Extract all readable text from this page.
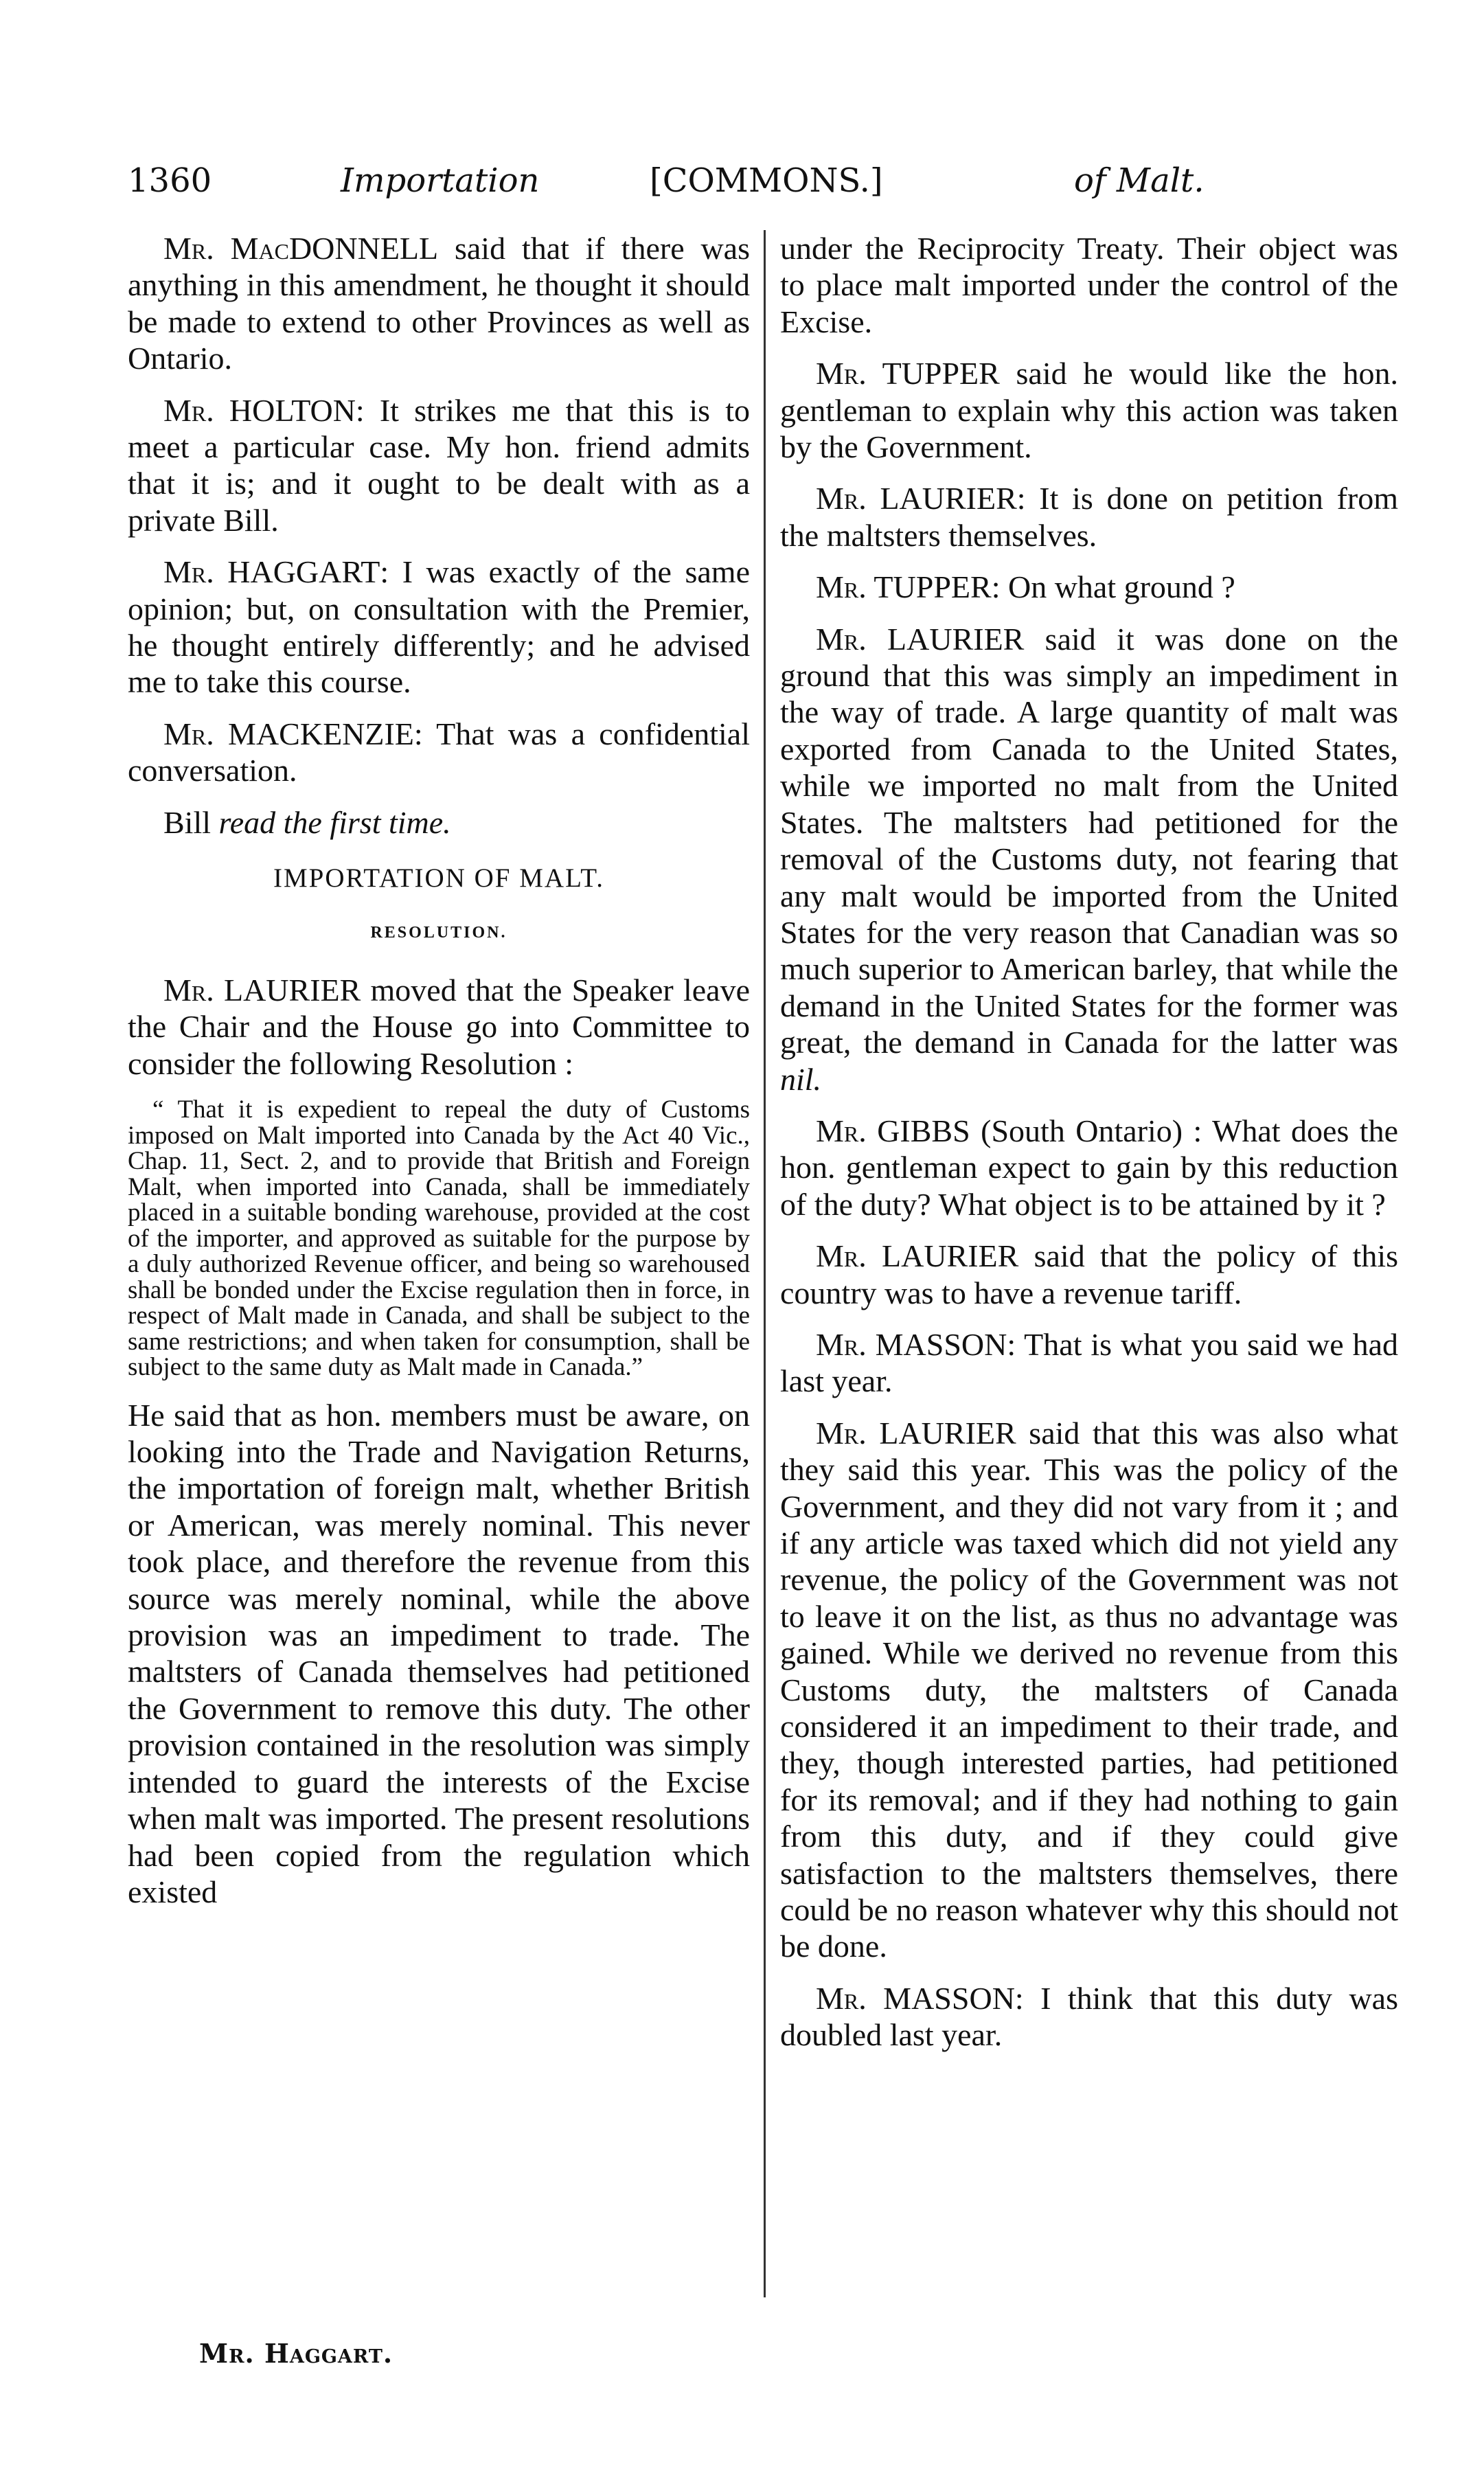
1360	Importation	[COMMONS.]	of Malt.

Mr. MacDONNELL said that if there was anything in this amendment, he thought it should be made to extend to other Provinces as well as Ontario.

Mr. HOLTON: It strikes me that this is to meet a particular case. My hon. friend admits that it is; and it ought to be dealt with as a private Bill.

Mr. HAGGART: I was exactly of the same opinion; but, on consultation with the Premier, he thought entirely differently; and he advised me to take this course.

Mr. MACKENZIE: That was a confidential conversation.

Bill read the first time.

IMPORTATION OF MALT.

RESOLUTION.

Mr. LAURIER moved that the Speaker leave the Chair and the House go into Committee to consider the following Resolution :

“ That it is expedient to repeal the duty of Customs imposed on Malt imported into Canada by the Act 40 Vic., Chap. 11, Sect. 2, and to provide that British and Foreign Malt, when imported into Canada, shall be immediately placed in a suitable bonding warehouse, provided at the cost of the importer, and approved as suitable for the purpose by a duly authorized Revenue officer, and being so warehoused shall be bonded under the Excise regulation then in force, in respect of Malt made in Canada, and shall be subject to the same restrictions; and when taken for consumption, shall be subject to the same duty as Malt made in Canada.”

He said that as hon. members must be aware, on looking into the Trade and Navigation Returns, the importation of foreign malt, whether British or American, was merely nominal. This never took place, and therefore the revenue from this source was merely nominal, while the above provision was an impediment to trade. The maltsters of Canada themselves had petitioned the Government to remove this duty. The other provision contained in the resolution was simply intended to guard the interests of the Excise when malt was imported. The present resolutions had been copied from the regulation which existed

under the Reciprocity Treaty. Their object was to place malt imported under the control of the Excise.

Mr. TUPPER said he would like the hon. gentleman to explain why this action was taken by the Government.

Mr. LAURIER: It is done on petition from the maltsters themselves.

Mr. TUPPER: On what ground ?

Mr. LAURIER said it was done on the ground that this was simply an impediment in the way of trade. A large quantity of malt was exported from Canada to the United States, while we imported no malt from the United States. The maltsters had petitioned for the removal of the Customs duty, not fearing that any malt would be imported from the United States for the very reason that Canadian was so much superior to American barley, that while the demand in the United States for the former was great, the demand in Canada for the latter was nil.

Mr. GIBBS (South Ontario) : What does the hon. gentleman expect to gain by this reduction of the duty? What object is to be attained by it ?

Mr. LAURIER said that the policy of this country was to have a revenue tariff.

Mr. MASSON: That is what you said we had last year.

Mr. LAURIER said that this was also what they said this year. This was the policy of the Government, and they did not vary from it ; and if any article was taxed which did not yield any revenue, the policy of the Government was not to leave it on the list, as thus no advantage was gained. While we derived no revenue from this Customs duty, the maltsters of Canada considered it an impediment to their trade, and they, though interested parties, had petitioned for its removal; and if they had nothing to gain from this duty, and if they could give satisfaction to the maltsters themselves, there could be no reason whatever why this should not be done.

Mr. MASSON: I think that this duty was doubled last year.

Mr. Haggart.
